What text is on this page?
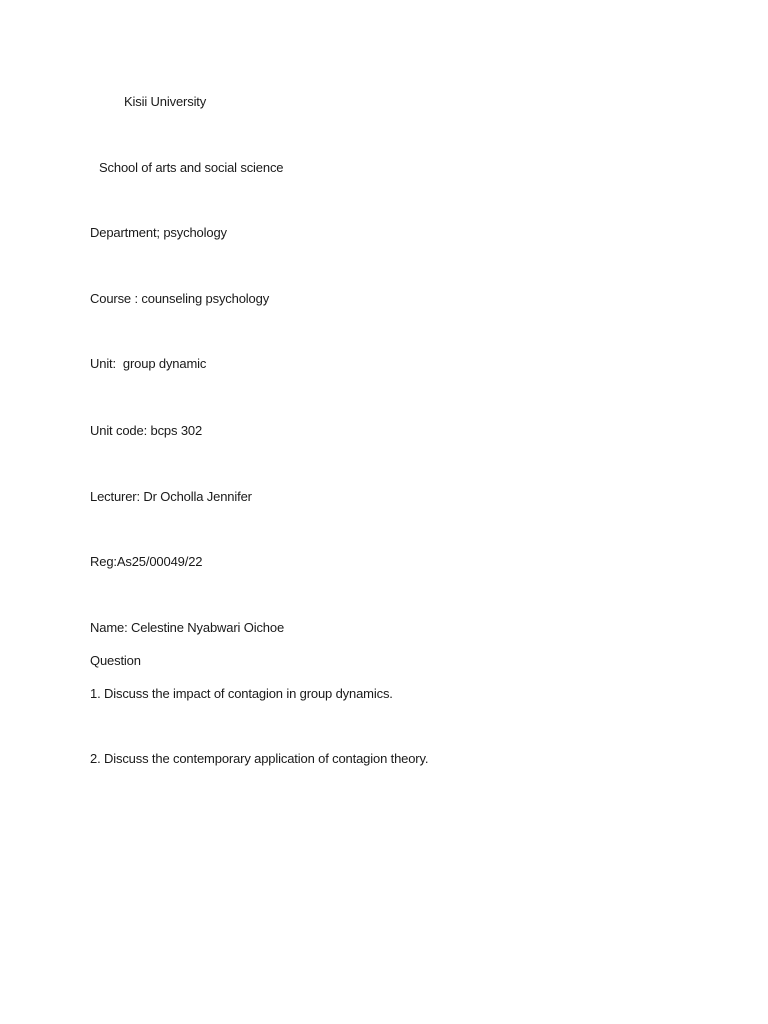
Kisii University
School of arts and social science
Department; psychology
Course : counseling psychology
Unit:  group dynamic
Unit code: bcps 302
Lecturer: Dr Ocholla Jennifer
Reg:As25/00049/22
Name: Celestine Nyabwari Oichoe
Question
1. Discuss the impact of contagion in group dynamics.
2. Discuss the contemporary application of contagion theory.
